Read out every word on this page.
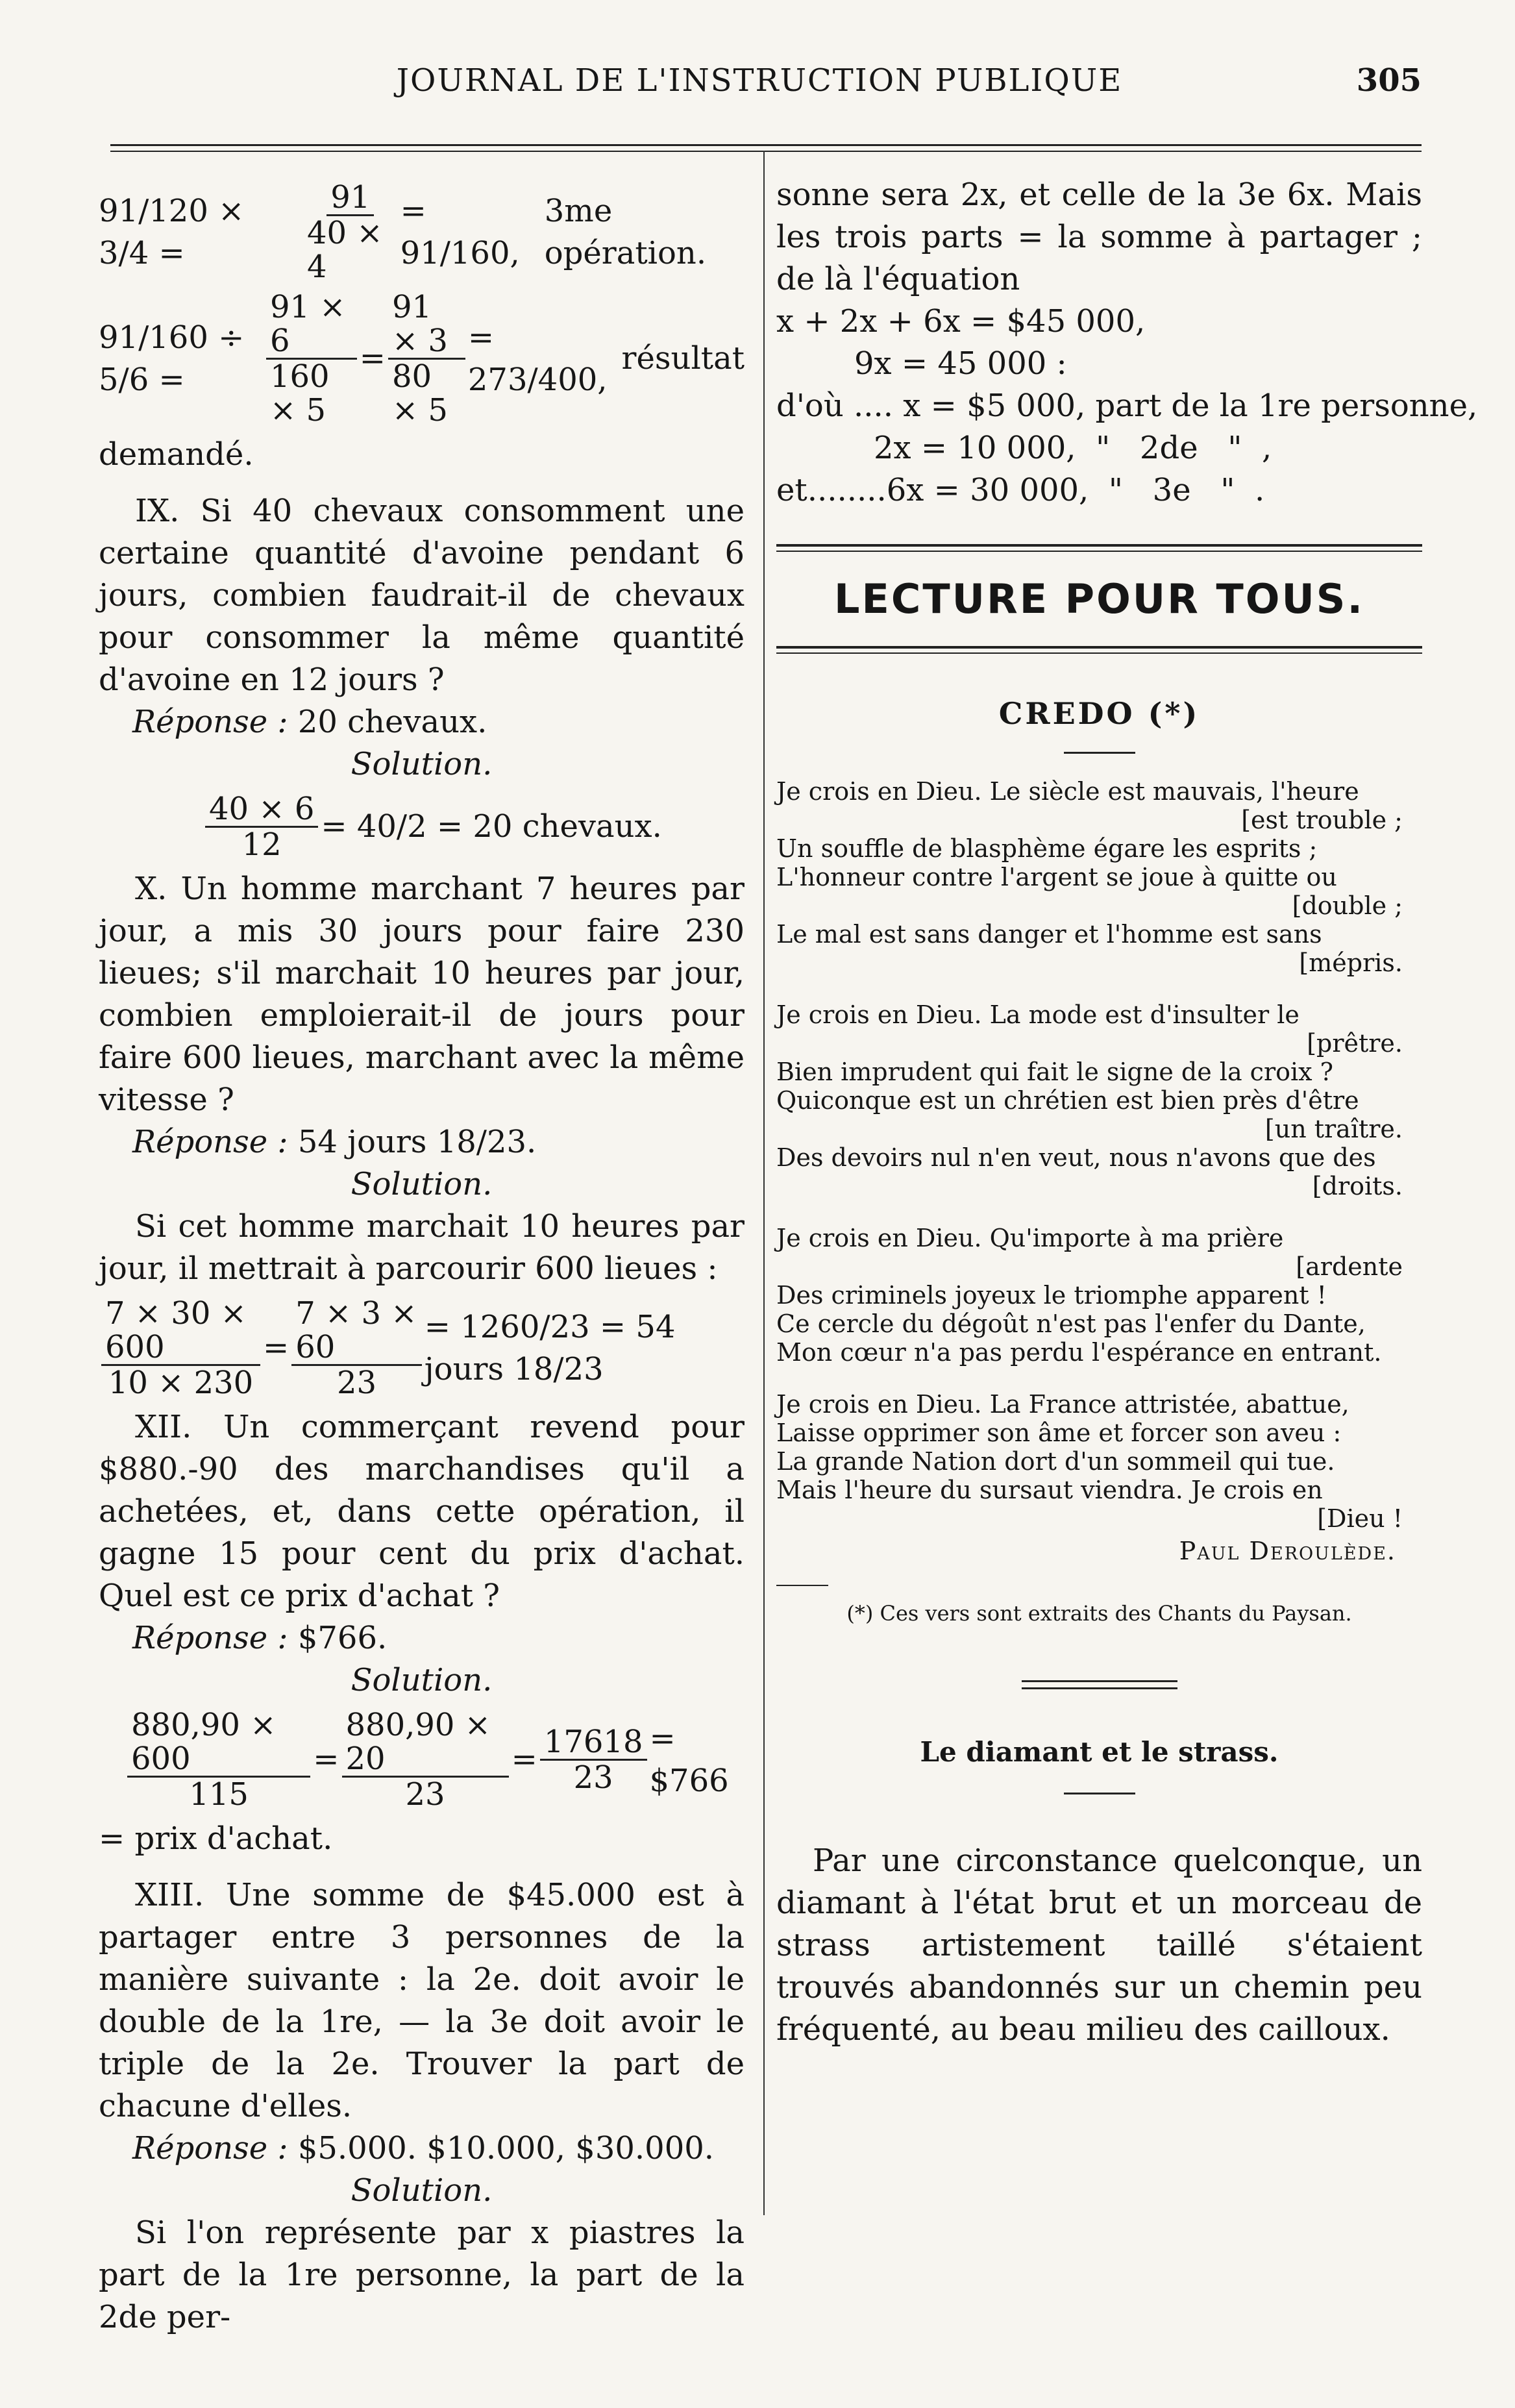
JOURNAL DE L'INSTRUCTION PUBLIQUE	305
91/120 × 3/4 =	$\frac{91}{40 \times 4} = 91/160$,
3me opération.
91/160 ÷ 5/6 =	$\frac{91 \times 6}{160 \times 5} = \frac{91 \times 3}{80 \times 5} = 273/400$,
résultat

demandé.

IX. Si 40 chevaux consomment une certaine quantité d'avoine pendant 6 jours, combien faudrait-il de chevaux pour consommer la même quantité d'avoine en 12 jours ?

Réponse : 20 chevaux.

Solution.

$\frac{40 \times 6}{12} = 40/2 = 20$ chevaux.

X. Un homme marchant 7 heures par jour, a mis 30 jours pour faire 230 lieues; s'il marchait 10 heures par jour, combien emploierait-il de jours pour faire 600 lieues, marchant avec la même vitesse ?

Réponse : 54 jours 18/23.

Solution.

Si cet homme marchait 10 heures par jour, il mettrait à parcourir 600 lieues :

$\frac{7 \times 30 \times 600}{10 \times 230} = \frac{7 \times 3 \times 60}{23} = 1260/23 = 54$ jours 18/23

XII. Un commerçant revend pour $880.-90 des marchandises qu'il a achetées, et, dans cette opération, il gagne 15 pour cent du prix d'achat. Quel est ce prix d'achat ?

Réponse : $766.

Solution.

$\frac{880,90 \times 600}{115} = \frac{880,90 \times 20}{23} = \frac{17618}{23}$ = $766

= prix d'achat.

XIII. Une somme de $45.000 est à partager entre 3 personnes de la manière suivante : la 2e. doit avoir le double de la 1re, — la 3e doit avoir le triple de la 2e. Trouver la part de chacune d'elles.

Réponse : $5.000. $10.000, $30.000.

Solution.

Si l'on représente par x piastres la part de la 1re personne, la part de la 2de per-

sonne sera 2x, et celle de la 3e 6x. Mais les trois parts = la somme à partager ; de là l'équation

x + 2x + 6x = $45 000,

9x = 45 000 :

d'où .... x = $5 000, part de la 1re personne,

2x = 10 000,  "   2de   "  ,

et........6x = 30 000,  "   3e   "  .

LECTURE POUR TOUS.
CREDO (*)
Je crois en Dieu. Le siècle est mauvais, l'heure
[est trouble ;
Un souffle de blasphème égare les esprits ;
L'honneur contre l'argent se joue à quitte ou
[double ;
Le mal est sans danger et l'homme est sans
[mépris.
Je crois en Dieu. La mode est d'insulter le
[prêtre.
Bien imprudent qui fait le signe de la croix ?
Quiconque est un chrétien est bien près d'être
[un traître.
Des devoirs nul n'en veut, nous n'avons que des
[droits.
Je crois en Dieu. Qu'importe à ma prière
[ardente
Des criminels joyeux le triomphe apparent !
Ce cercle du dégoût n'est pas l'enfer du Dante,
Mon cœur n'a pas perdu l'espérance en entrant.
Je crois en Dieu. La France attristée, abattue,
Laisse opprimer son âme et forcer son aveu :
La grande Nation dort d'un sommeil qui tue.
Mais l'heure du sursaut viendra. Je crois en
[Dieu !
Paul Deroulède.
(*) Ces vers sont extraits des Chants du Paysan.
Le diamant et le strass.

Par une circonstance quelconque, un diamant à l'état brut et un morceau de strass artistement taillé s'étaient trouvés abandonnés sur un chemin peu fréquenté, au beau milieu des cailloux.
